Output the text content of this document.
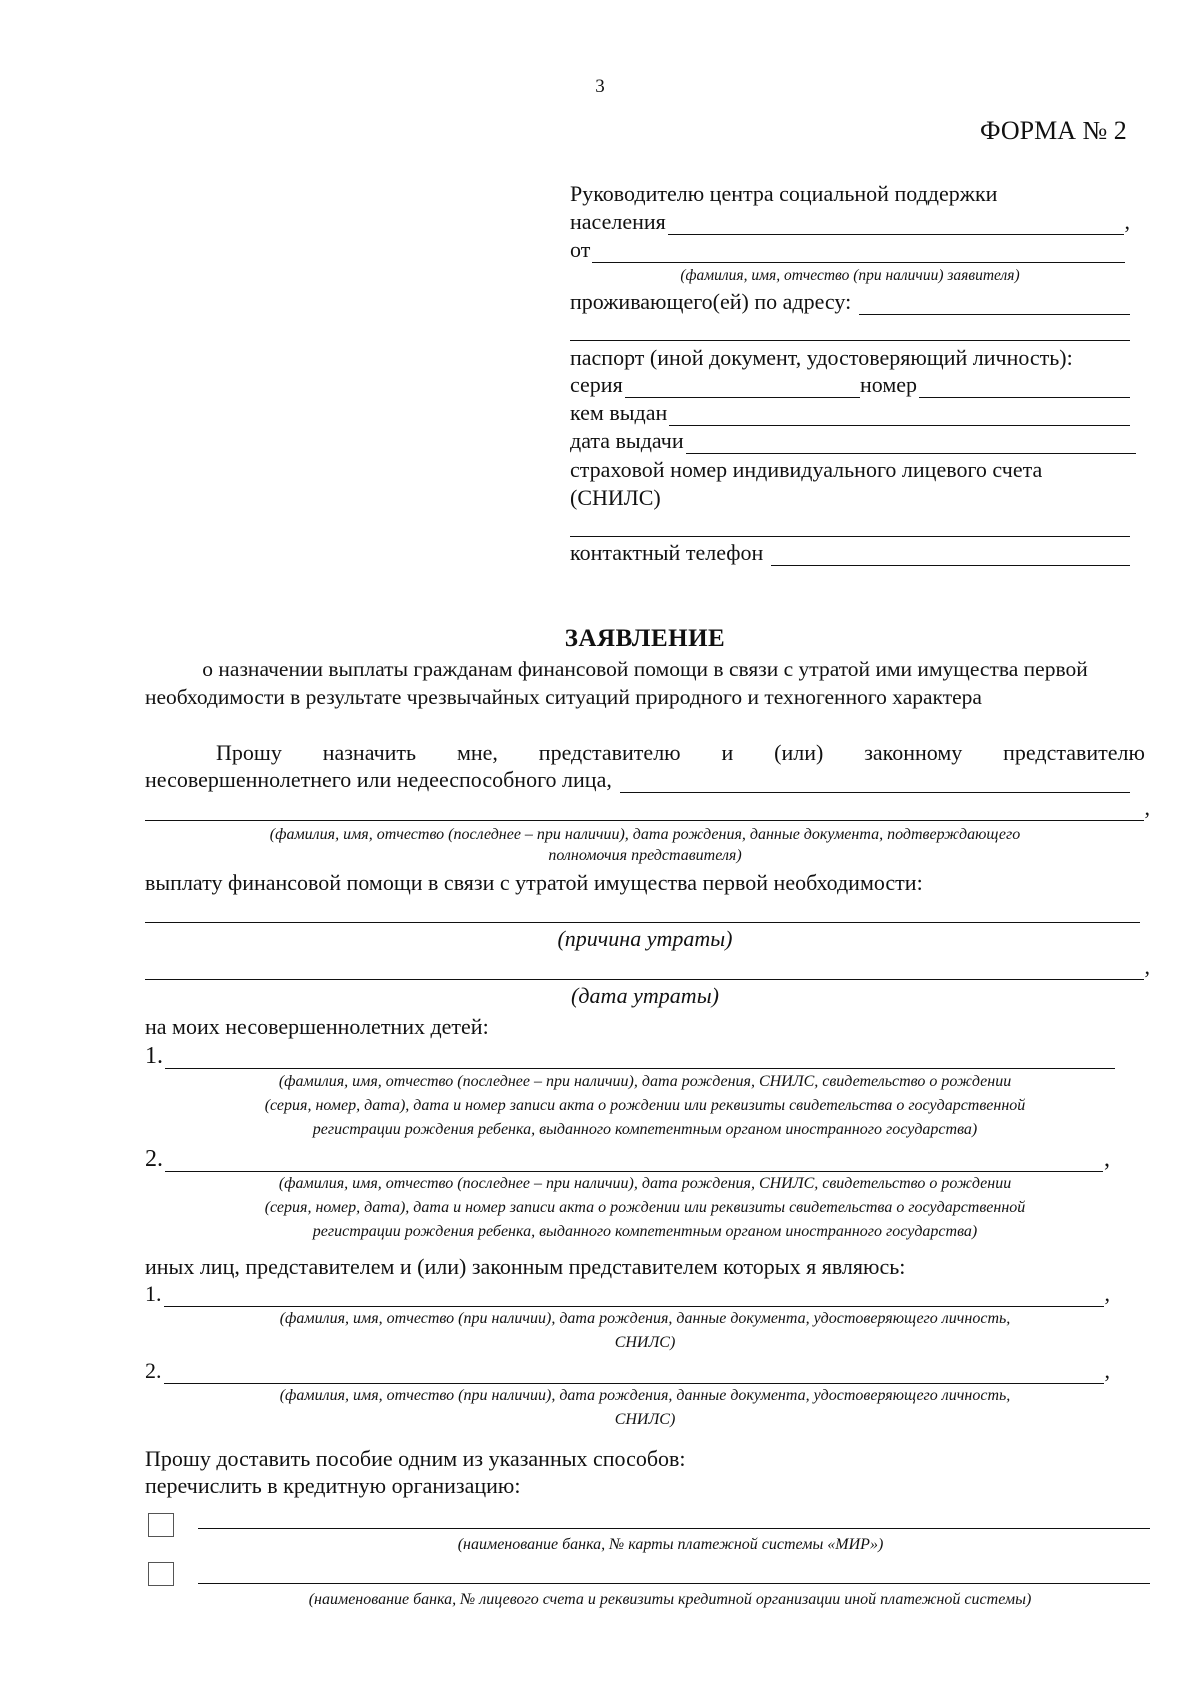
3
ФОРМА № 2
Руководителю центра социальной поддержки
населения	,
от
(фамилия, имя, отчество (при наличии) заявителя)
проживающего(ей) по адресу:
паспорт (иной документ, удостоверяющий личность):
серия	номер
кем выдан
дата выдачи
страховой номер индивидуального лицевого счета
(СНИЛС)
контактный телефон
ЗАЯВЛЕНИЕ
о назначении выплаты гражданам финансовой помощи в связи с утратой ими имущества первой
необходимости в результате чрезвычайных ситуаций природного и техногенного характера
Прошу назначить мне, представителю и (или) законному представителю
несовершеннолетнего или недееспособного лица,
,
(фамилия, имя, отчество (последнее – при наличии), дата рождения, данные документа, подтверждающего
полномочия представителя)
выплату финансовой помощи в связи с утратой имущества первой необходимости:
(причина утраты)
,
(дата утраты)
на моих несовершеннолетних детей:
1.
(фамилия, имя, отчество (последнее – при наличии), дата рождения, СНИЛС, свидетельство о рождении
(серия, номер, дата), дата и номер записи акта о рождении или реквизиты свидетельства о государственной
регистрации рождения ребенка, выданного компетентным органом иностранного государства)
2.	,
(фамилия, имя, отчество (последнее – при наличии), дата рождения, СНИЛС, свидетельство о рождении
(серия, номер, дата), дата и номер записи акта о рождении или реквизиты свидетельства о государственной
регистрации рождения ребенка, выданного компетентным органом иностранного государства)
иных лиц, представителем и (или) законным представителем которых я являюсь:
1.	,
(фамилия, имя, отчество (при наличии), дата рождения, данные документа, удостоверяющего личность,
СНИЛС)
2.	,
(фамилия, имя, отчество (при наличии), дата рождения, данные документа, удостоверяющего личность,
СНИЛС)
Прошу доставить пособие одним из указанных способов:
перечислить в кредитную организацию:
(наименование банка, № карты платежной системы «МИР»)
(наименование банка, № лицевого счета и реквизиты кредитной организации иной платежной системы)
